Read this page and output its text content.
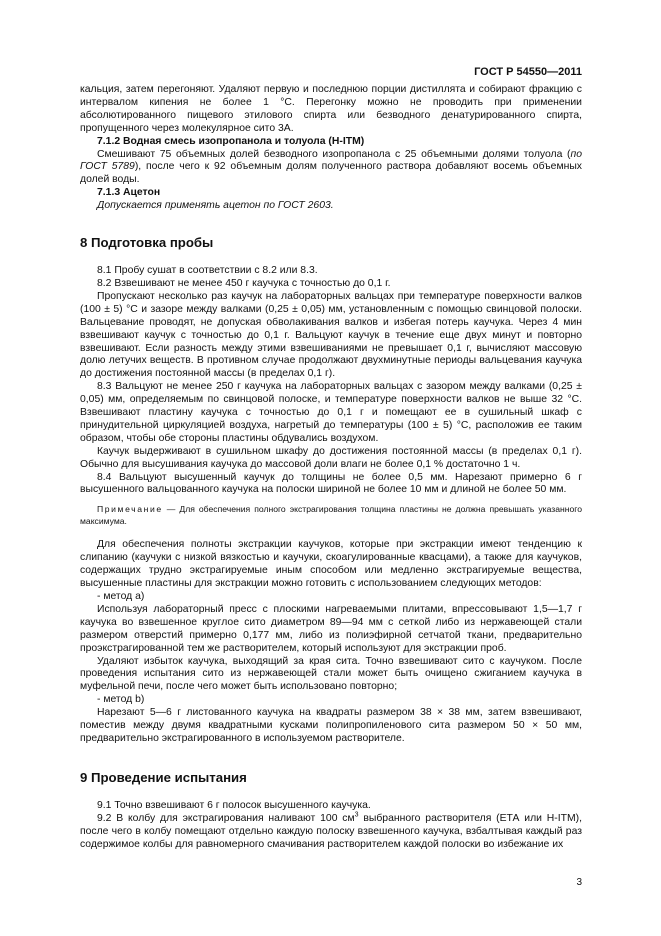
ГОСТ Р 54550—2011

кальция, затем перегоняют. Удаляют первую и последнюю порции дистиллята и собирают фракцию с интервалом кипения не более 1 °С. Перегонку можно не проводить при применении абсолютированного пищевого этилового спирта или безводного денатурированного спирта, пропущенного через молекулярное сито 3А.

7.1.2 Водная смесь изопропанола и толуола (Н-ITM)

Смешивают 75 объемных долей безводного изопропанола с 25 объемными долями толуола (по ГОСТ 5789), после чего к 92 объемным долям полученного раствора добавляют восемь объемных долей воды.

7.1.3 Ацетон

Допускается применять ацетон по ГОСТ 2603.

8 Подготовка пробы

8.1 Пробу сушат в соответствии с 8.2 или 8.3.

8.2 Взвешивают не менее 450 г каучука с точностью до 0,1 г.

Пропускают несколько раз каучук на лабораторных вальцах при температуре поверхности валков (100 ± 5) °С и зазоре между валками (0,25 ± 0,05) мм, установленным с помощью свинцовой полоски. Вальцевание проводят, не допуская обволакивания валков и избегая потерь каучука. Через 4 мин взвешивают каучук с точностью до 0,1 г. Вальцуют каучук в течение еще двух минут и повторно взвешивают. Если разность между этими взвешиваниями не превышает 0,1 г, вычисляют массовую долю летучих веществ. В противном случае продолжают двухминутные периоды вальцевания каучука до достижения постоянной массы (в пределах 0,1 г).

8.3 Вальцуют не менее 250 г каучука на лабораторных вальцах с зазором между валками (0,25 ± 0,05) мм, определяемым по свинцовой полоске, и температуре поверхности валков не выше 32 °С. Взвешивают пластину каучука с точностью до 0,1 г и помещают ее в сушильный шкаф с принудительной циркуляцией воздуха, нагретый до температуры (100 ± 5) °С, расположив ее таким образом, чтобы обе стороны пластины обдувались воздухом.

Каучук выдерживают в сушильном шкафу до достижения постоянной массы (в пределах 0,1 г). Обычно для высушивания каучука до массовой доли влаги не более 0,1 % достаточно 1 ч.

8.4 Вальцуют высушенный каучук до толщины не более 0,5 мм. Нарезают примерно 6 г высушенного вальцованного каучука на полоски шириной не более 10 мм и длиной не более 50 мм.

Примечание — Для обеспечения полного экстрагирования толщина пластины не должна превышать указанного максимума.

Для обеспечения полноты экстракции каучуков, которые при экстракции имеют тенденцию к слипанию (каучуки с низкой вязкостью и каучуки, скоагулированные квасцами), а также для каучуков, содержащих трудно экстрагируемые иным способом или медленно экстрагируемые вещества, высушенные пластины для экстракции можно готовить с использованием следующих методов:

- метод а)

Используя лабораторный пресс с плоскими нагреваемыми плитами, впрессовывают 1,5—1,7 г каучука во взвешенное круглое сито диаметром 89—94 мм с сеткой либо из нержавеющей стали размером отверстий примерно 0,177 мм, либо из полиэфирной сетчатой ткани, предварительно проэкстрагированной тем же растворителем, который используют для экстракции проб.

Удаляют избыток каучука, выходящий за края сита. Точно взвешивают сито с каучуком. После проведения испытания сито из нержавеющей стали может быть очищено сжиганием каучука в муфельной печи, после чего может быть использовано повторно;

- метод b)

Нарезают 5—6 г листованного каучука на квадраты размером 38 × 38 мм, затем взвешивают, поместив между двумя квадратными кусками полипропиленового сита размером 50 × 50 мм, предварительно экстрагированного в используемом растворителе.

9 Проведение испытания

9.1 Точно взвешивают 6 г полосок высушенного каучука.

9.2 В колбу для экстрагирования наливают 100 $см^3$ выбранного растворителя (ЕТА или Н-ITM), после чего в колбу помещают отдельно каждую полоску взвешенного каучука, взбалтывая каждый раз содержимое колбы для равномерного смачивания растворителем каждой полоски во избежание их

3
